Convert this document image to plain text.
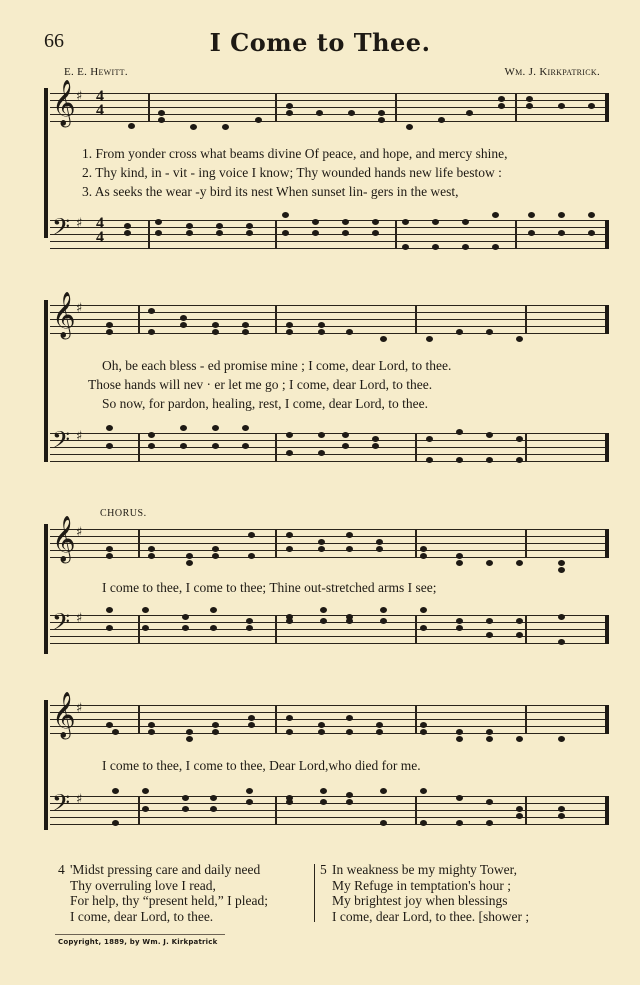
66	I Come to Thee.
E. E. Hewitt.	Wm. J. Kirkpatrick.
𝄞 ♯ 4
4
1. From yonder cross what beams divine Of peace, and hope, and mercy shine,
2. Thy kind, in - vit - ing voice I know; Thy wounded hands new life bestow :
3. As seeks the wear -y bird its nest When sunset lin- gers in the west,
𝄢 ♯ 4
4
𝄞 ♯
Oh, be each bless - ed promise mine ; I come, dear Lord, to thee.
Those hands will nev · er let me go ; I come, dear Lord, to thee.
So now, for pardon, healing, rest, I come, dear Lord, to thee.
𝄢 ♯
CHORUS.
𝄞 ♯
I come to thee, I come to thee; Thine out-stretched arms I see;
𝄢 ♯
𝄞 ♯
I come to thee, I come to thee, Dear Lord,who died for me.
𝄢 ♯
4 'Midst pressing care and daily need
Thy overruling love I read,
For help, thy “present held,” I plead;
I come, dear Lord, to thee.
5 In weakness be my mighty Tower,
My Refuge in temptation's hour ;
My brightest joy when blessings
I come, dear Lord, to thee. [shower ;
Copyright, 1889, by Wm. J. Kirkpatrick
